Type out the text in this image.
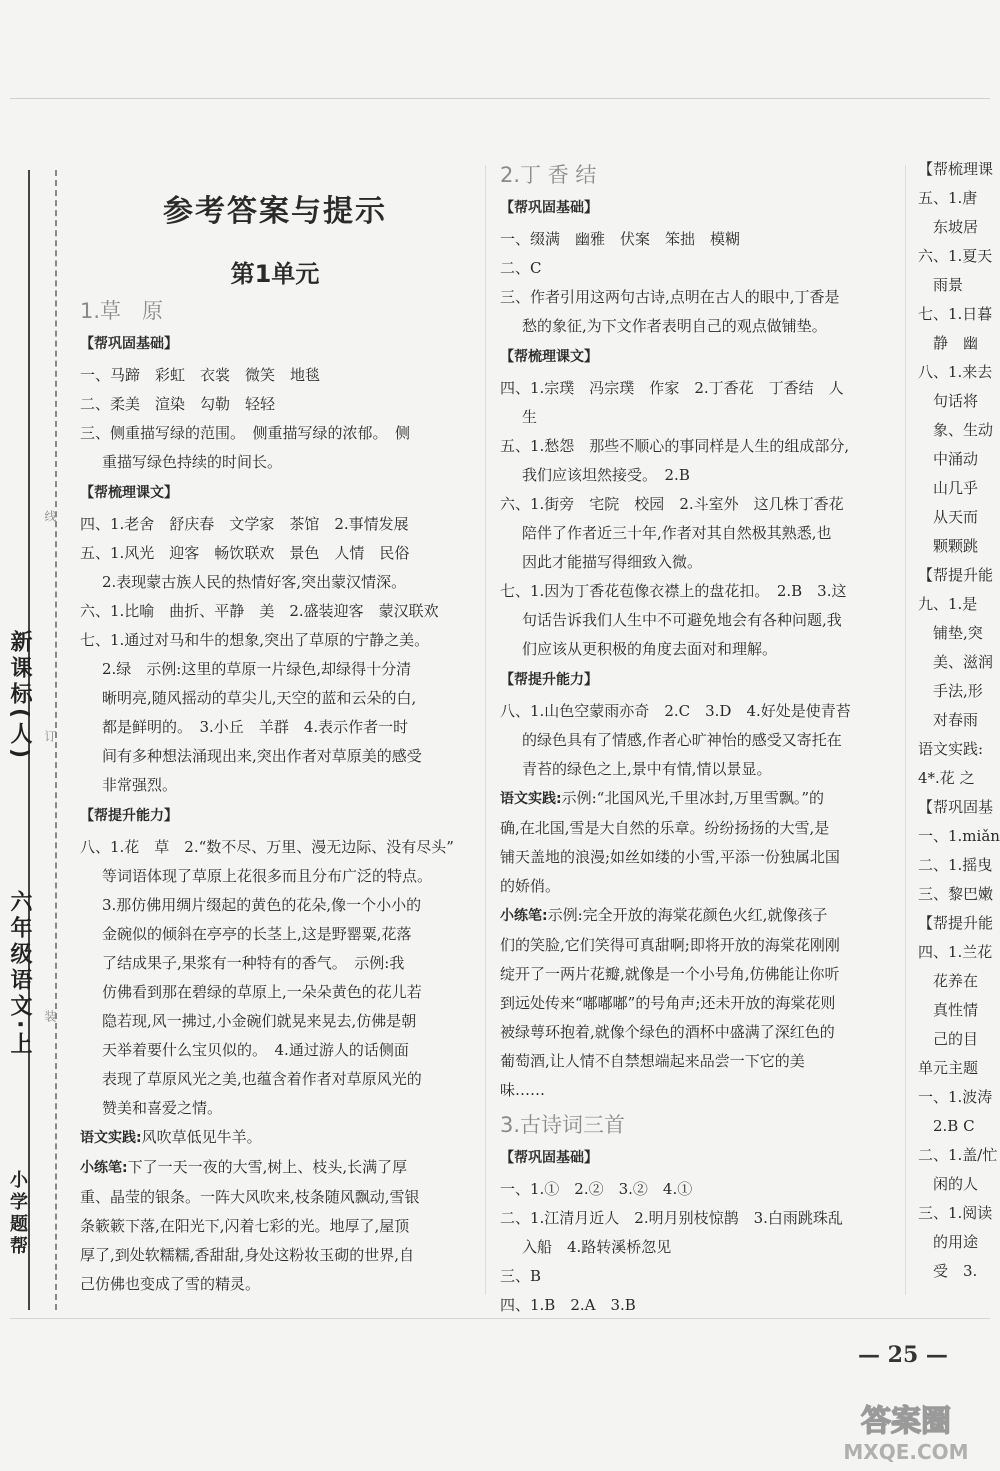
新课标(人)
六年级语文·上
小学题帮
线
订
装
参考答案与提示
第1单元
1.草　原
【帮巩固基础】
一、马蹄　彩虹　衣裳　微笑　地毯
二、柔美　渲染　勾勒　轻轻
三、侧重描写绿的范围。　侧重描写绿的浓郁。　侧
重描写绿色持续的时间长。
【帮梳理课文】
四、1.老舍　舒庆春　文学家　茶馆　2.事情发展
五、1.风光　迎客　畅饮联欢　景色　人情　民俗
2.表现蒙古族人民的热情好客,突出蒙汉情深。
六、1.比喻　曲折、平静　美　2.盛装迎客　蒙汉联欢
七、1.通过对马和牛的想象,突出了草原的宁静之美。
2.绿　示例:这里的草原一片绿色,却绿得十分清
晰明亮,随风摇动的草尖儿,天空的蓝和云朵的白,
都是鲜明的。　3.小丘　羊群　4.表示作者一时
间有多种想法涌现出来,突出作者对草原美的感受
非常强烈。
【帮提升能力】
八、1.花　草　2.“数不尽、万里、漫无边际、没有尽头”
等词语体现了草原上花很多而且分布广泛的特点。
3.那仿佛用绸片缀起的黄色的花朵,像一个小小的
金碗似的倾斜在亭亭的长茎上,这是野罂粟,花落
了结成果子,果浆有一种特有的香气。　示例:我
仿佛看到那在碧绿的草原上,一朵朵黄色的花儿若
隐若现,风一拂过,小金碗们就晃来晃去,仿佛是朝
天举着要什么宝贝似的。　4.通过游人的话侧面
表现了草原风光之美,也蕴含着作者对草原风光的
赞美和喜爱之情。
语文实践:风吹草低见牛羊。
小练笔:下了一天一夜的大雪,树上、枝头,长满了厚
重、晶莹的银条。一阵大风吹来,枝条随风飘动,雪银
条簌簌下落,在阳光下,闪着七彩的光。地厚了,屋顶
厚了,到处软糯糯,香甜甜,身处这粉妆玉砌的世界,自
己仿佛也变成了雪的精灵。
2.丁 香 结
【帮巩固基础】
一、缀满　幽雅　伏案　笨拙　模糊
二、C
三、作者引用这两句古诗,点明在古人的眼中,丁香是
愁的象征,为下文作者表明自己的观点做铺垫。
【帮梳理课文】
四、1.宗璞　冯宗璞　作家　2.丁香花　丁香结　人
生
五、1.愁怨　那些不顺心的事同样是人生的组成部分,
我们应该坦然接受。　2.B
六、1.街旁　宅院　校园　2.斗室外　这几株丁香花
陪伴了作者近三十年,作者对其自然极其熟悉,也
因此才能描写得细致入微。
七、1.因为丁香花苞像衣襟上的盘花扣。　2.B　3.这
句话告诉我们人生中不可避免地会有各种问题,我
们应该从更积极的角度去面对和理解。
【帮提升能力】
八、1.山色空蒙雨亦奇　2.C　3.D　4.好处是使青苔
的绿色具有了情感,作者心旷神怡的感受又寄托在
青苔的绿色之上,景中有情,情以景显。
语文实践:示例:“北国风光,千里冰封,万里雪飘。”的
确,在北国,雪是大自然的乐章。纷纷扬扬的大雪,是
铺天盖地的浪漫;如丝如缕的小雪,平添一份独属北国
的娇俏。
小练笔:示例:完全开放的海棠花颜色火红,就像孩子
们的笑脸,它们笑得可真甜啊;即将开放的海棠花刚刚
绽开了一两片花瓣,就像是一个小号角,仿佛能让你听
到远处传来“嘟嘟嘟”的号角声;还未开放的海棠花则
被绿萼环抱着,就像个绿色的酒杯中盛满了深红色的
葡萄酒,让人情不自禁想端起来品尝一下它的美
味……
3.古诗词三首
【帮巩固基础】
一、1.①　2.②　3.②　4.①
二、1.江清月近人　2.明月别枝惊鹊　3.白雨跳珠乱
入船　4.路转溪桥忽见
三、B
四、1.B　2.A　3.B
【帮梳理课
五、1.唐
　东坡居
六、1.夏天
　雨景
七、1.日暮
　静　幽
八、1.来去
　句话将
　象、生动
　中涌动
　山几乎
　从天而
　颗颗跳
【帮提升能
九、1.是
　铺垫,突
　美、滋润
　手法,形
　对春雨
语文实践:
4*.花 之
【帮巩固基
一、1.miǎn
二、1.摇曳
三、黎巴嫩
【帮提升能
四、1.兰花
　花养在
　真性情
　己的目
单元主题
一、1.波涛
　2.B C
二、1.盖/忙
　闲的人
三、1.阅读
　的用途
　受　3.
— 25 —
答案圈
MXQE.COM
